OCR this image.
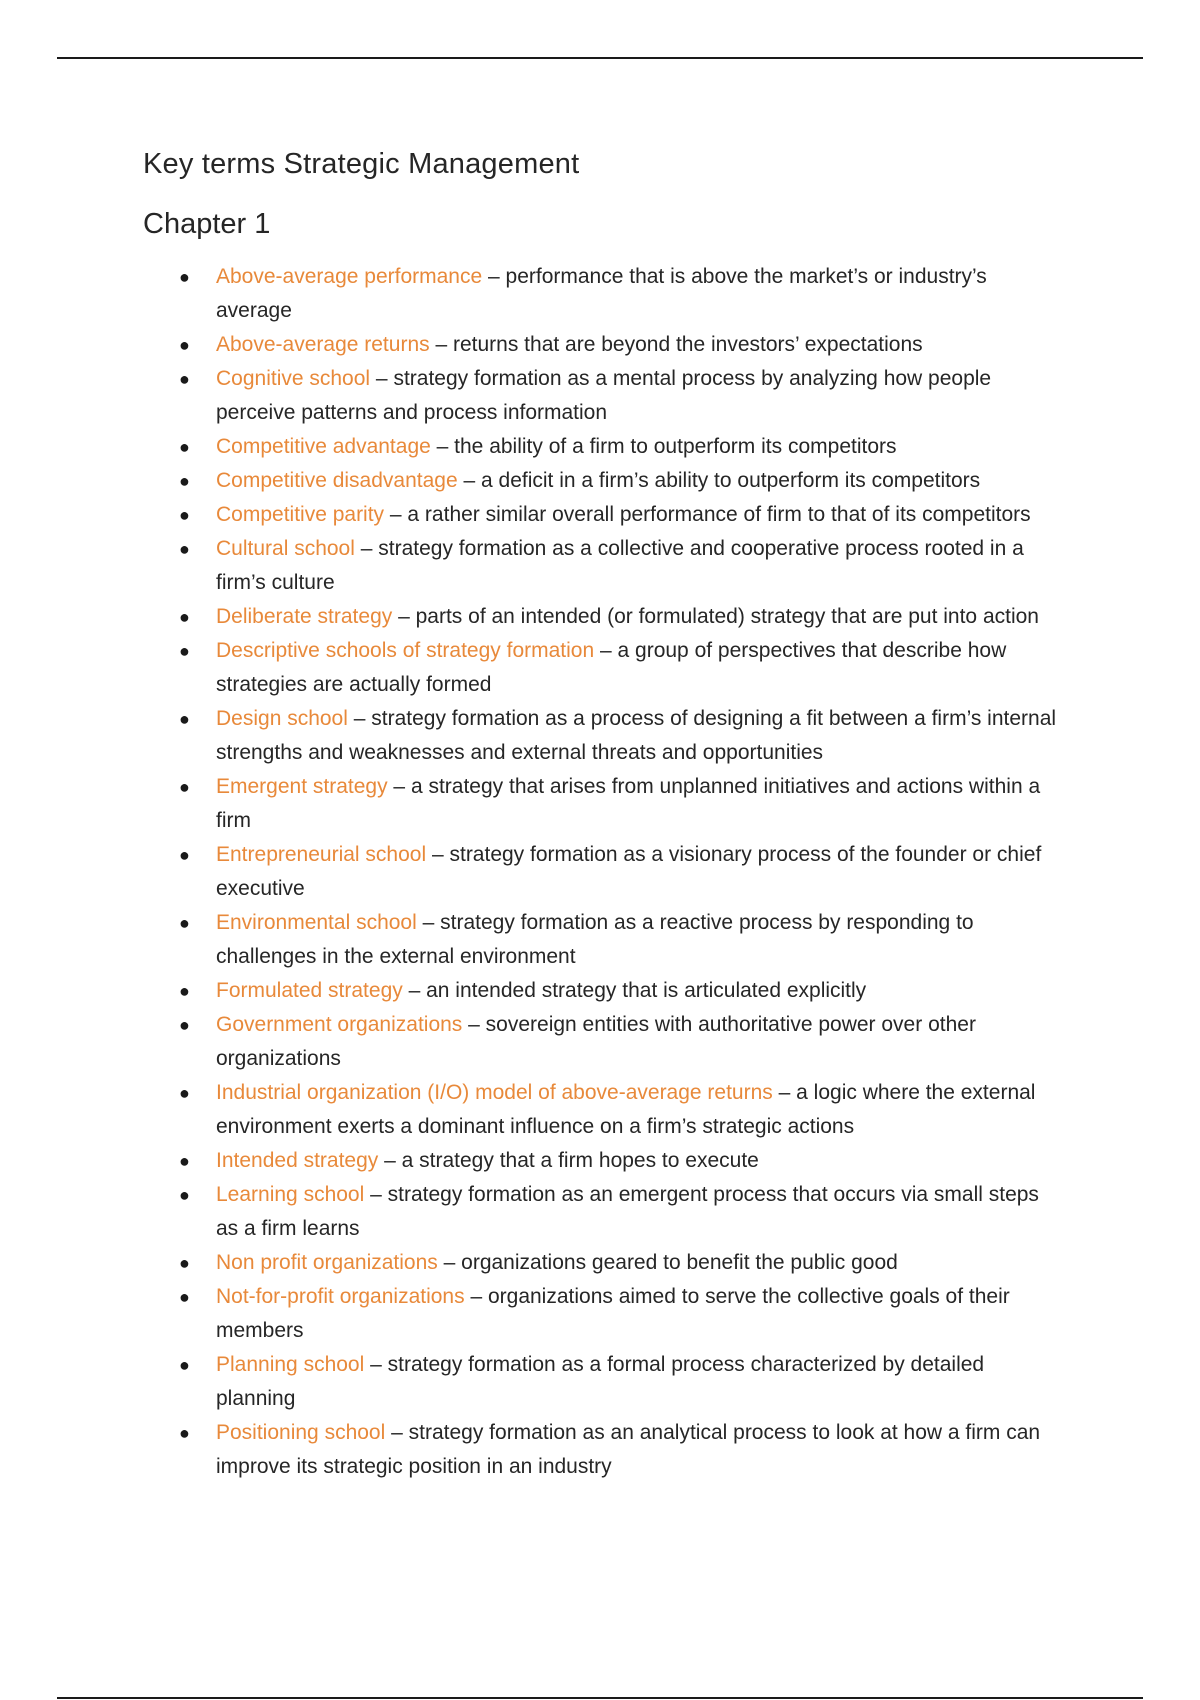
Key terms Strategic Management
Chapter 1
● Above-average performance – performance that is above the market’s or industry’s average
● Above-average returns – returns that are beyond the investors’ expectations
● Cognitive school – strategy formation as a mental process by analyzing how people perceive patterns and process information
● Competitive advantage – the ability of a firm to outperform its competitors
● Competitive disadvantage – a deficit in a firm’s ability to outperform its competitors
● Competitive parity – a rather similar overall performance of firm to that of its competitors
● Cultural school – strategy formation as a collective and cooperative process rooted in a firm’s culture
● Deliberate strategy – parts of an intended (or formulated) strategy that are put into action
● Descriptive schools of strategy formation – a group of perspectives that describe how strategies are actually formed
● Design school – strategy formation as a process of designing a fit between a firm’s internal strengths and weaknesses and external threats and opportunities
● Emergent strategy – a strategy that arises from unplanned initiatives and actions within a firm
● Entrepreneurial school – strategy formation as a visionary process of the founder or chief executive
● Environmental school – strategy formation as a reactive process by responding to challenges in the external environment
● Formulated strategy – an intended strategy that is articulated explicitly
● Government organizations – sovereign entities with authoritative power over other organizations
● Industrial organization (I/O) model of above-average returns – a logic where the external environment exerts a dominant influence on a firm’s strategic actions
● Intended strategy – a strategy that a firm hopes to execute
● Learning school – strategy formation as an emergent process that occurs via small steps as a firm learns
● Non profit organizations – organizations geared to benefit the public good
● Not-for-profit organizations – organizations aimed to serve the collective goals of their members
● Planning school – strategy formation as a formal process characterized by detailed planning
● Positioning school – strategy formation as an analytical process to look at how a firm can improve its strategic position in an industry
